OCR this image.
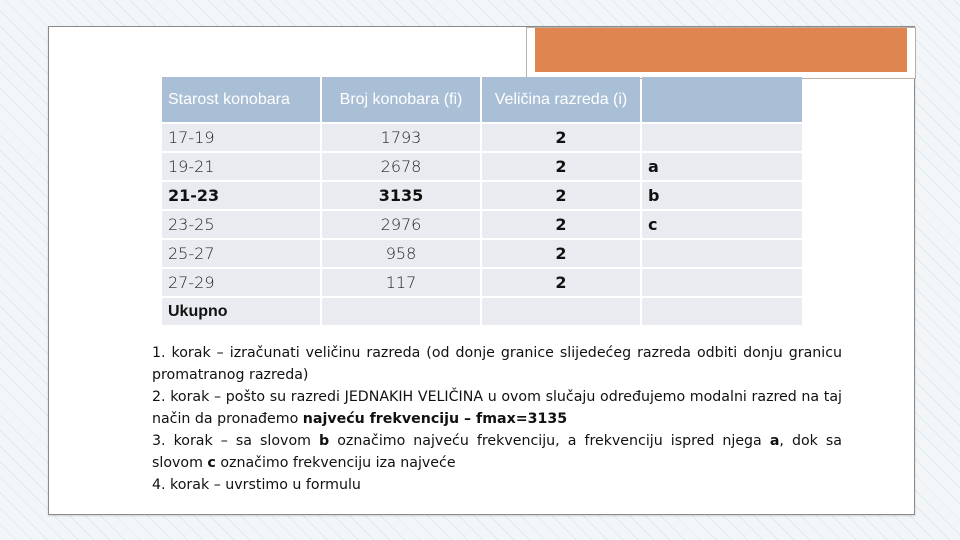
Starost konobara	Broj konobara (fi)	Veličina razreda (i)	
17-19	1793	2	
19-21	2678	2	a
21-23	3135	2	b
23-25	2976	2	c
25-27	958	2	
27-29	117	2	
Ukupno			

1. korak – izračunati veličinu razreda (od donje granice slijedećeg razreda odbiti donju granicu promatranog razreda)

2. korak – pošto su razredi JEDNAKIH VELIČINA u ovom slučaju određujemo modalni razred na taj način da pronađemo najveću frekvenciju – fmax=3135

3. korak – sa slovom b označimo najveću frekvenciju, a frekvenciju ispred njega a, dok sa slovom c označimo frekvenciju iza najveće

4. korak – uvrstimo u formulu
